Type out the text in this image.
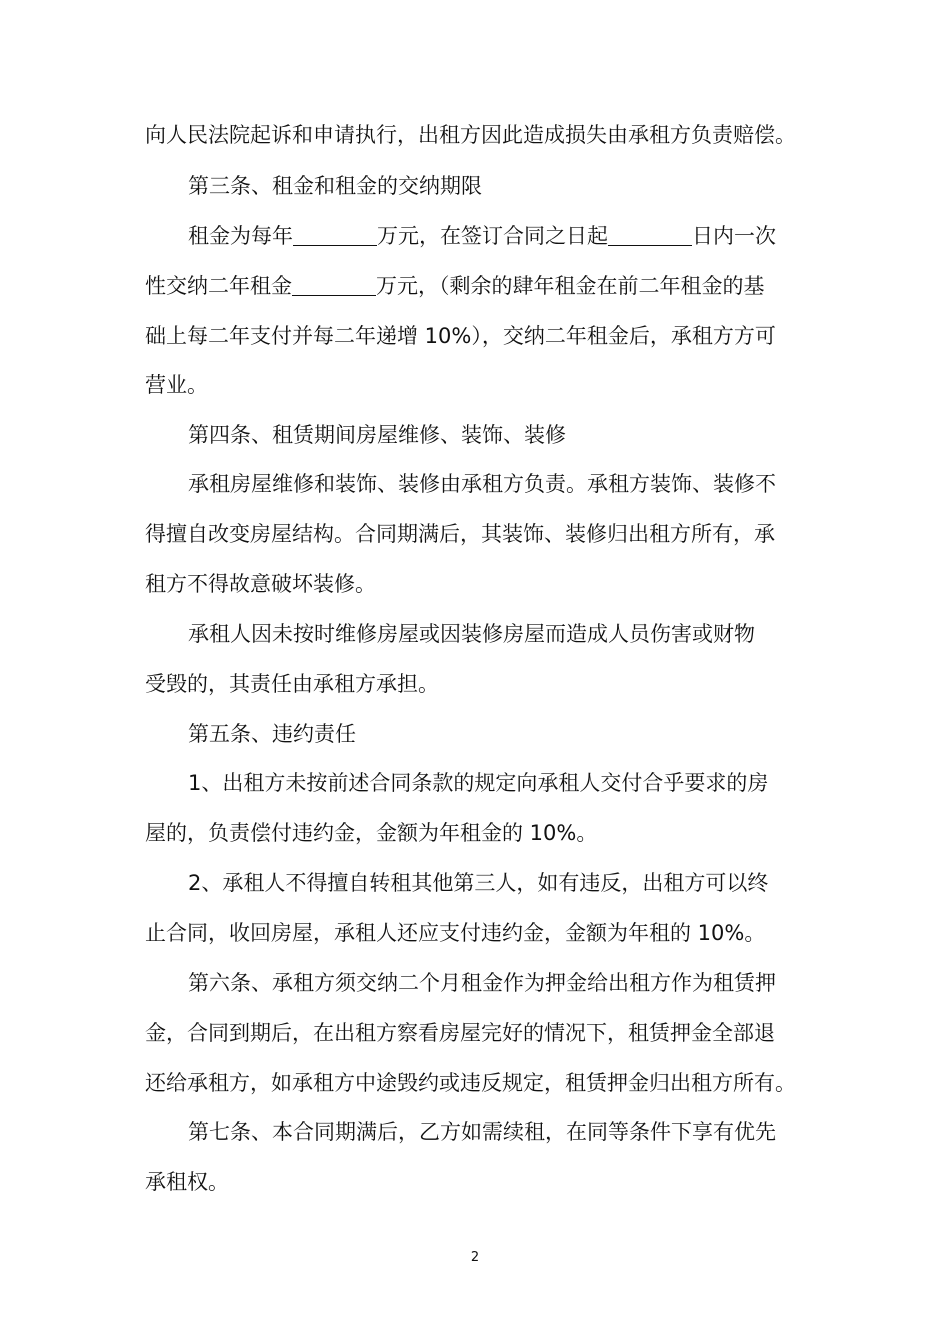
向人民法院起诉和申请执行，出租方因此造成损失由承租方负责赔偿。
第三条、租金和租金的交纳期限
租金为每年	万元，在签订合同之日起	日内一次
性交纳二年租金	万元，（剩余的肆年租金在前二年租金的基
础上每二年支付并每二年递增 10%），交纳二年租金后，承租方方可
营业。
第四条、租赁期间房屋维修、装饰、装修
承租房屋维修和装饰、装修由承租方负责。承租方装饰、装修不
得擅自改变房屋结构。合同期满后，其装饰、装修归出租方所有，承
租方不得故意破坏装修。
承租人因未按时维修房屋或因装修房屋而造成人员伤害或财物
受毁的，其责任由承租方承担。
第五条、违约责任
1、出租方未按前述合同条款的规定向承租人交付合乎要求的房
屋的，负责偿付违约金，金额为年租金的 10%。
2、承租人不得擅自转租其他第三人，如有违反，出租方可以终
止合同，收回房屋，承租人还应支付违约金，金额为年租的 10%。
第六条、承租方须交纳二个月租金作为押金给出租方作为租赁押
金，合同到期后，在出租方察看房屋完好的情况下，租赁押金全部退
还给承租方，如承租方中途毁约或违反规定，租赁押金归出租方所有。
第七条、本合同期满后，乙方如需续租，在同等条件下享有优先
承租权。
2
